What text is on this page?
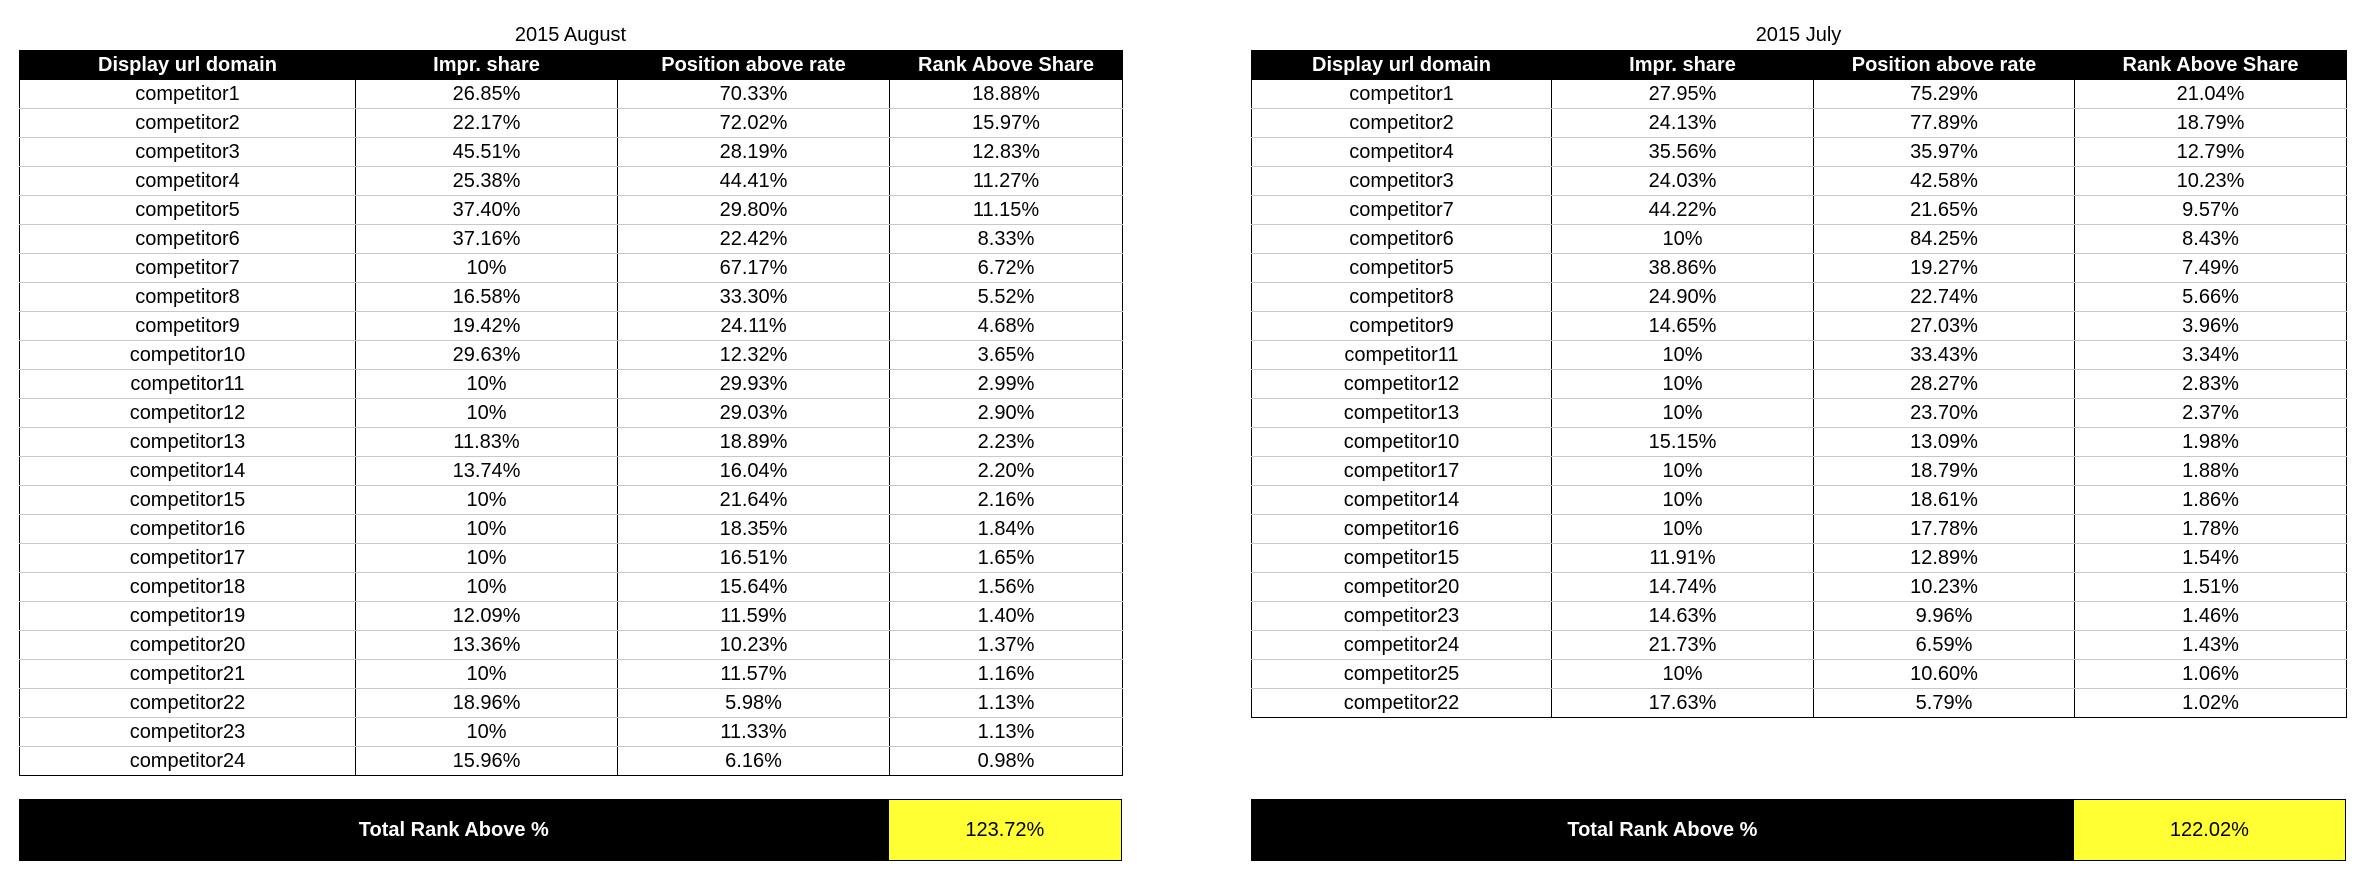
2015 August
Display url domain	Impr. share	Position above rate	Rank Above Share
competitor1	26.85%	70.33%	18.88%
competitor2	22.17%	72.02%	15.97%
competitor3	45.51%	28.19%	12.83%
competitor4	25.38%	44.41%	11.27%
competitor5	37.40%	29.80%	11.15%
competitor6	37.16%	22.42%	8.33%
competitor7	10%	67.17%	6.72%
competitor8	16.58%	33.30%	5.52%
competitor9	19.42%	24.11%	4.68%
competitor10	29.63%	12.32%	3.65%
competitor11	10%	29.93%	2.99%
competitor12	10%	29.03%	2.90%
competitor13	11.83%	18.89%	2.23%
competitor14	13.74%	16.04%	2.20%
competitor15	10%	21.64%	2.16%
competitor16	10%	18.35%	1.84%
competitor17	10%	16.51%	1.65%
competitor18	10%	15.64%	1.56%
competitor19	12.09%	11.59%	1.40%
competitor20	13.36%	10.23%	1.37%
competitor21	10%	11.57%	1.16%
competitor22	18.96%	5.98%	1.13%
competitor23	10%	11.33%	1.13%
competitor24	15.96%	6.16%	0.98%
2015 July
Display url domain	Impr. share	Position above rate	Rank Above Share
competitor1	27.95%	75.29%	21.04%
competitor2	24.13%	77.89%	18.79%
competitor4	35.56%	35.97%	12.79%
competitor3	24.03%	42.58%	10.23%
competitor7	44.22%	21.65%	9.57%
competitor6	10%	84.25%	8.43%
competitor5	38.86%	19.27%	7.49%
competitor8	24.90%	22.74%	5.66%
competitor9	14.65%	27.03%	3.96%
competitor11	10%	33.43%	3.34%
competitor12	10%	28.27%	2.83%
competitor13	10%	23.70%	2.37%
competitor10	15.15%	13.09%	1.98%
competitor17	10%	18.79%	1.88%
competitor14	10%	18.61%	1.86%
competitor16	10%	17.78%	1.78%
competitor15	11.91%	12.89%	1.54%
competitor20	14.74%	10.23%	1.51%
competitor23	14.63%	9.96%	1.46%
competitor24	21.73%	6.59%	1.43%
competitor25	10%	10.60%	1.06%
competitor22	17.63%	5.79%	1.02%
Total Rank Above %	123.72%	Total Rank Above %	122.02%
